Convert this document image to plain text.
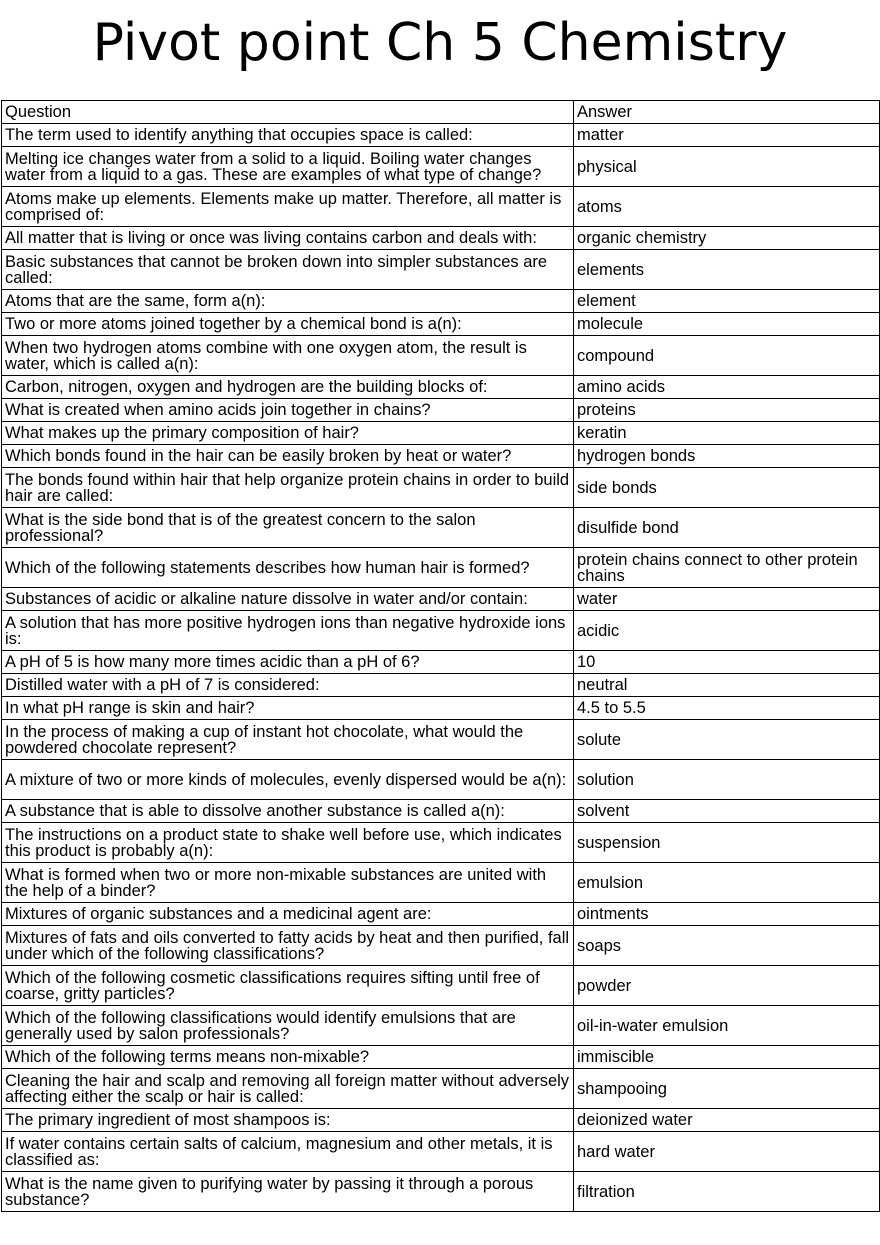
Pivot point Ch 5 Chemistry
Question	Answer
The term used to identify anything that occupies space is called:	matter
Melting ice changes water from a solid to a liquid. Boiling water changes water from a liquid to a gas. These are examples of what type of change?	physical
Atoms make up elements. Elements make up matter. Therefore, all matter is comprised of:	atoms
All matter that is living or once was living contains carbon and deals with:	organic chemistry
Basic substances that cannot be broken down into simpler substances are called:	elements
Atoms that are the same, form a(n):	element
Two or more atoms joined together by a chemical bond is a(n):	molecule
When two hydrogen atoms combine with one oxygen atom, the result is water, which is called a(n):	compound
Carbon, nitrogen, oxygen and hydrogen are the building blocks of:	amino acids
What is created when amino acids join together in chains?	proteins
What makes up the primary composition of hair?	keratin
Which bonds found in the hair can be easily broken by heat or water?	hydrogen bonds
The bonds found within hair that help organize protein chains in order to build hair are called:	side bonds
What is the side bond that is of the greatest concern to the salon professional?	disulfide bond
Which of the following statements describes how human hair is formed?	protein chains connect to other protein chains
Substances of acidic or alkaline nature dissolve in water and/or contain:	water
A solution that has more positive hydrogen ions than negative hydroxide ions is:	acidic
A pH of 5 is how many more times acidic than a pH of 6?	10
Distilled water with a pH of 7 is considered:	neutral
In what pH range is skin and hair?	4.5 to 5.5
In the process of making a cup of instant hot chocolate, what would the powdered chocolate represent?	solute
A mixture of two or more kinds of molecules, evenly dispersed would be a(n):	solution
A substance that is able to dissolve another substance is called a(n):	solvent
The instructions on a product state to shake well before use, which indicates this product is probably a(n):	suspension
What is formed when two or more non-mixable substances are united with the help of a binder?	emulsion
Mixtures of organic substances and a medicinal agent are:	ointments
Mixtures of fats and oils converted to fatty acids by heat and then purified, fall under which of the following classifications?	soaps
Which of the following cosmetic classifications requires sifting until free of coarse, gritty particles?	powder
Which of the following classifications would identify emulsions that are generally used by salon professionals?	oil-in-water emulsion
Which of the following terms means non-mixable?	immiscible
Cleaning the hair and scalp and removing all foreign matter without adversely affecting either the scalp or hair is called:	shampooing
The primary ingredient of most shampoos is:	deionized water
If water contains certain salts of calcium, magnesium and other metals, it is classified as:	hard water
What is the name given to purifying water by passing it through a porous substance?	filtration
